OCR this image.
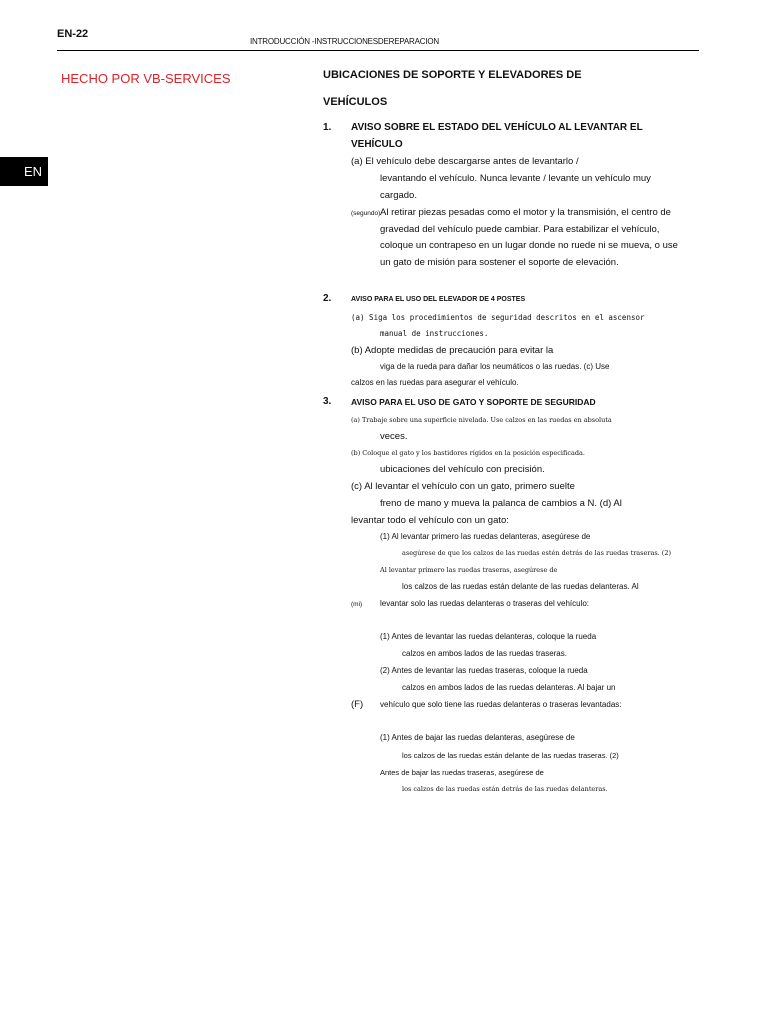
EN-22
INTRODUCCIÓN -INSTRUCCIONESDEREPARACION
HECHO POR VB-SERVICES
EN
UBICACIONES DE SOPORTE Y ELEVADORES DE
VEHÍCULOS
1. AVISO SOBRE EL ESTADO DEL VEHÍCULO AL LEVANTAR EL
VEHÍCULO
(a) El vehículo debe descargarse antes de levantarlo /
levantando el vehículo. Nunca levante / levante un vehículo muy
cargado.
(segundo) Al retirar piezas pesadas como el motor y la transmisión, el centro de
gravedad del vehículo puede cambiar. Para estabilizar el vehículo,
coloque un contrapeso en un lugar donde no ruede ni se mueva, o use
un gato de misión para sostener el soporte de elevación.
2.	AVISO PARA EL USO DEL ELEVADOR DE 4 POSTES
(a) Siga los procedimientos de seguridad descritos en el ascensor
manual de instrucciones.
(b) Adopte medidas de precaución para evitar la
viga de la rueda para dañar los neumáticos o las ruedas. (c) Use
calzos en las ruedas para asegurar el vehículo.
3. AVISO PARA EL USO DE GATO Y SOPORTE DE SEGURIDAD
(a) Trabaje sobre una superficie nivelada. Use calzos en las ruedas en absoluta
veces.
(b) Coloque el gato y los bastidores rígidos en la posición especificada.
ubicaciones del vehículo con precisión.
(c) Al levantar el vehículo con un gato, primero suelte
freno de mano y mueva la palanca de cambios a N. (d) Al
levantar todo el vehículo con un gato:
(1) Al levantar primero las ruedas delanteras, asegúrese de
asegúrese de que los calzos de las ruedas estén detrás de las ruedas traseras. (2)
Al levantar primero las ruedas traseras, asegúrese de
los calzos de las ruedas están delante de las ruedas delanteras. Al
(mi) levantar solo las ruedas delanteras o traseras del vehículo:
(1) Antes de levantar las ruedas delanteras, coloque la rueda
calzos en ambos lados de las ruedas traseras.
(2) Antes de levantar las ruedas traseras, coloque la rueda
calzos en ambos lados de las ruedas delanteras. Al bajar un
(F) vehículo que solo tiene las ruedas delanteras o traseras levantadas:
(1) Antes de bajar las ruedas delanteras, asegúrese de
los calzos de las ruedas están delante de las ruedas traseras. (2)
Antes de bajar las ruedas traseras, asegúrese de
los calzos de las ruedas están detrás de las ruedas delanteras.
